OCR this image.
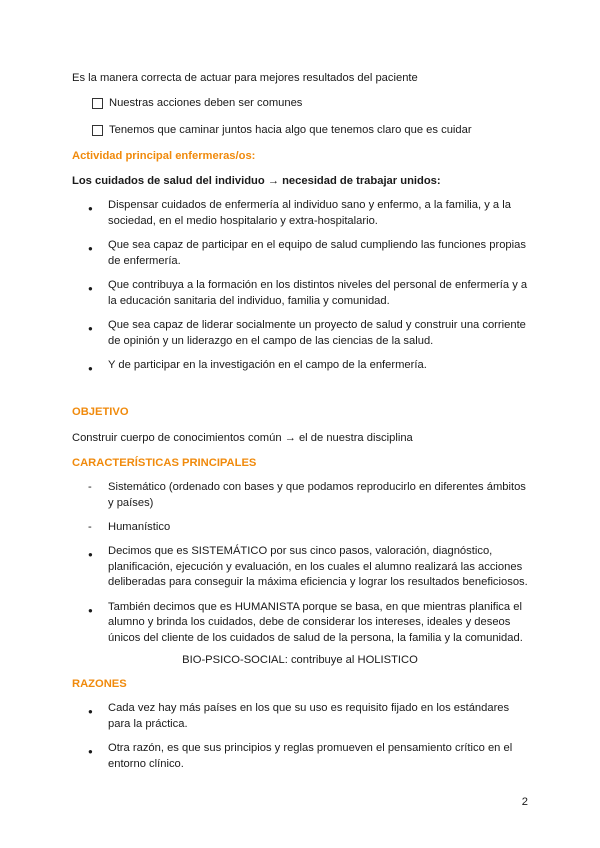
Es la manera correcta de actuar para mejores resultados del paciente
Nuestras acciones deben ser comunes
Tenemos que caminar juntos hacia algo que tenemos claro que es cuidar
Actividad principal enfermeras/os:
Los cuidados de salud del individuo → necesidad de trabajar unidos:
● Dispensar cuidados de enfermería al individuo sano y enfermo, a la familia, y a la sociedad, en el medio hospitalario y extra-hospitalario.
● Que sea capaz de participar en el equipo de salud cumpliendo las funciones propias de enfermería.
● Que contribuya a la formación en los distintos niveles del personal de enfermería y a la educación sanitaria del individuo, familia y comunidad.
● Que sea capaz de liderar socialmente un proyecto de salud y construir una corriente de opinión y un liderazgo en el campo de las ciencias de la salud.
● Y de participar en la investigación en el campo de la enfermería.
OBJETIVO
Construir cuerpo de conocimientos común → el de nuestra disciplina
CARACTERÍSTICAS PRINCIPALES
- Sistemático (ordenado con bases y que podamos reproducirlo en diferentes ámbitos y países)
- Humanístico
● Decimos que es SISTEMÁTICO por sus cinco pasos, valoración, diagnóstico, planificación, ejecución y evaluación, en los cuales el alumno realizará las acciones deliberadas para conseguir la máxima eficiencia y lograr los resultados beneficiosos.
● También decimos que es HUMANISTA porque se basa, en que mientras planifica el alumno y brinda los cuidados, debe de considerar los intereses, ideales y deseos únicos del cliente de los cuidados de salud de la persona, la familia y la comunidad.
BIO-PSICO-SOCIAL: contribuye al HOLISTICO
RAZONES
● Cada vez hay más países en los que su uso es requisito fijado en los estándares para la práctica.
● Otra razón, es que sus principios y reglas promueven el pensamiento crítico en el entorno clínico.
2
